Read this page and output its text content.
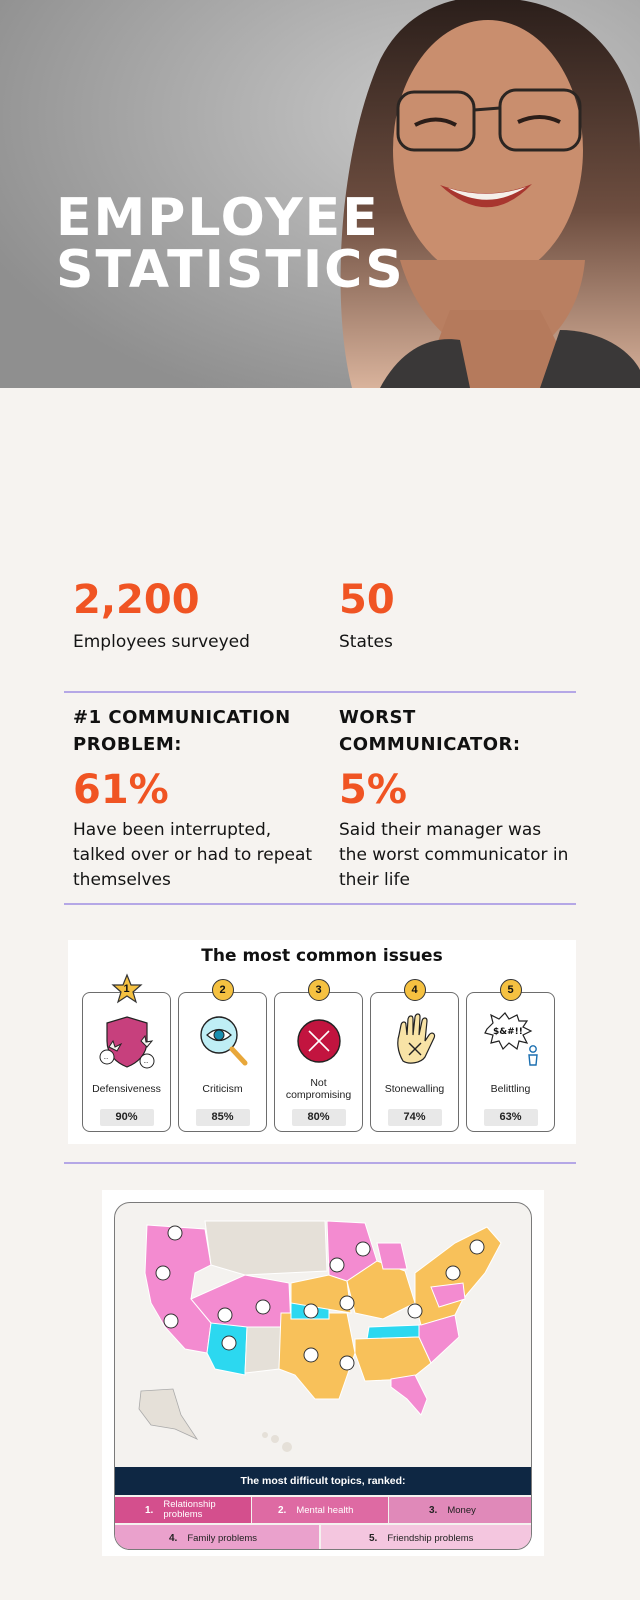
EMPLOYEE
STATISTICS
2,200
Employees surveyed
50
States
#1 COMMUNICATION
PROBLEM:
61%
Have been interrupted,
talked over or had to repeat
themselves
WORST
COMMUNICATOR:
5%
Said their manager was
the worst communicator in
their life
The most common issues
1
...
...
Defensiveness
90%
2
Criticism
85%
3
Not
compromising
80%
4
Stonewalling
74%
5
$&#!!
Belittling
63%
The most difficult topics, ranked:
1. Relationship
problems	2. Mental health	3. Money
4. Family problems	5. Friendship problems
